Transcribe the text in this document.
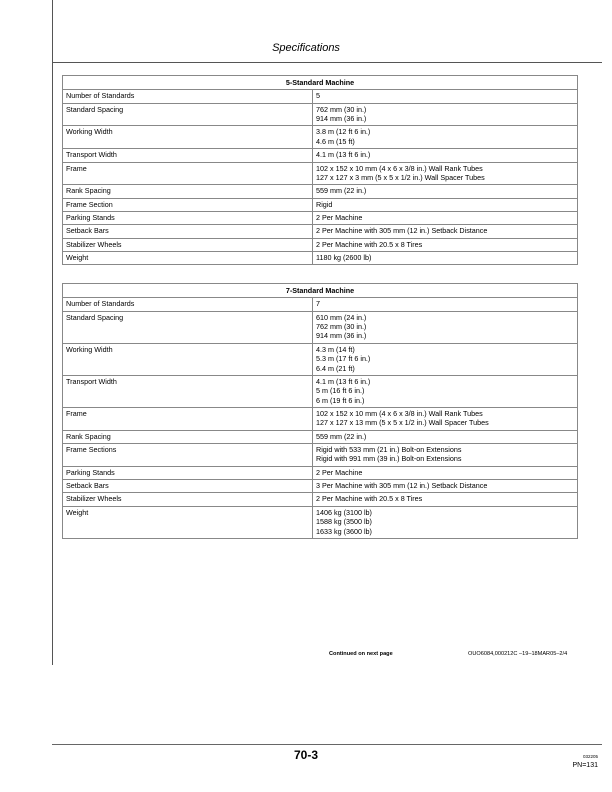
Specifications
5-Standard Machine	
Number of Standards	5

Standard Spacing	762 mm (30 in.)
914 mm (36 in.)

Working Width	3.8 m (12 ft 6 in.)
4.6 m (15 ft)

Transport Width	4.1 m (13 ft 6 in.)

Frame	102 x 152 x 10 mm (4 x 6 x 3/8 in.) Wall Rank Tubes
127 x 127 x 3 mm (5 x 5 x 1/2 in.) Wall Spacer Tubes

Rank Spacing	559 mm (22 in.)

Frame Section	Rigid

Parking Stands	2 Per Machine

Setback Bars	2 Per Machine with 305 mm (12 in.) Setback Distance

Stabilizer Wheels	2 Per Machine with 20.5 x 8 Tires

Weight	1180 kg (2600 lb)
7-Standard Machine	
Number of Standards	7

Standard Spacing	610 mm (24 in.)
762 mm (30 in.)
914 mm (36 in.)

Working Width	4.3 m (14 ft)
5.3 m (17 ft 6 in.)
6.4 m (21 ft)

Transport Width	4.1 m (13 ft 6 in.)
5 m (16 ft 6 in.)
6 m (19 ft 6 in.)

Frame	102 x 152 x 10 mm (4 x 6 x 3/8 in.) Wall Rank Tubes
127 x 127 x 13 mm (5 x 5 x 1/2 in.) Wall Spacer Tubes

Rank Spacing	559 mm (22 in.)

Frame Sections	Rigid with 533 mm (21 in.) Bolt-on Extensions
Rigid with 991 mm (39 in.) Bolt-on Extensions

Parking Stands	2 Per Machine

Setback Bars	3 Per Machine with 305 mm (12 in.) Setback Distance

Stabilizer Wheels	2 Per Machine with 20.5 x 8 Tires

Weight	1406 kg (3100 lb)
1588 kg (3500 lb)
1633 kg (3600 lb)
Continued on next page	OUO6084,000212C –19–18MAR05–2/4
70-3	032205
PN=131
